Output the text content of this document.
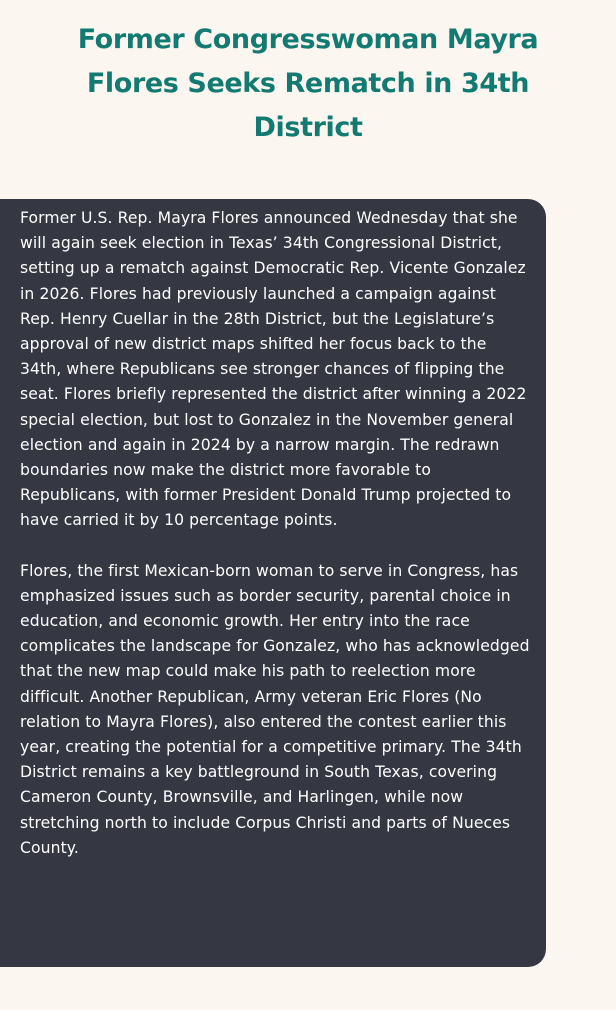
Former Congresswoman Mayra Flores Seeks Rematch in 34th District

Former U.S. Rep. Mayra Flores announced Wednesday that she will again seek election in Texas’ 34th Congressional District, setting up a rematch against Democratic Rep. Vicente Gonzalez in 2026. Flores had previously launched a campaign against Rep. Henry Cuellar in the 28th District, but the Legislature’s approval of new district maps shifted her focus back to the 34th, where Republicans see stronger chances of flipping the seat. Flores briefly represented the district after winning a 2022 special election, but lost to Gonzalez in the November general election and again in 2024 by a narrow margin. The redrawn boundaries now make the district more favorable to Republicans, with former President Donald Trump projected to have carried it by 10 percentage points.

Flores, the first Mexican-born woman to serve in Congress, has emphasized issues such as border security, parental choice in education, and economic growth. Her entry into the race complicates the landscape for Gonzalez, who has acknowledged that the new map could make his path to reelection more difficult. Another Republican, Army veteran Eric Flores (No relation to Mayra Flores), also entered the contest earlier this year, creating the potential for a competitive primary. The 34th District remains a key battleground in South Texas, covering Cameron County, Brownsville, and Harlingen, while now stretching north to include Corpus Christi and parts of Nueces County.
